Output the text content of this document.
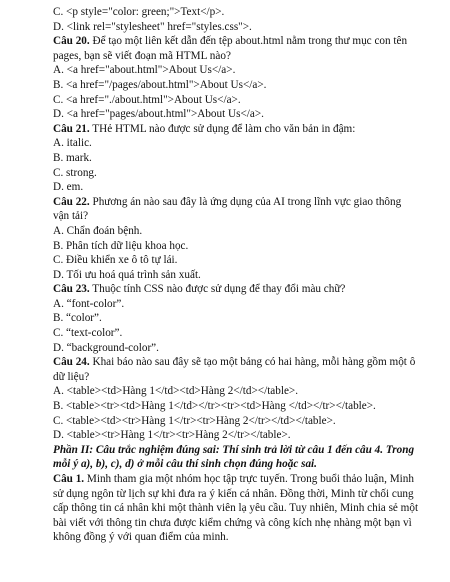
C. <p style="color: green;">Text</p>.
D. <link rel="stylesheet" href="styles.css">.
Câu 20. Để tạo một liên kết dẫn đến tệp about.html nằm trong thư mục con tên pages, bạn sẽ viết đoạn mã HTML nào?
A. <a href="about.html">About Us</a>.
B. <a href="/pages/about.html">About Us</a>.
C. <a href="./about.html">About Us</a>.
D. <a href="pages/about.html">About Us</a>.
Câu 21. THẻ HTML nào được sử dụng để làm cho văn bản in đậm:
A. italic.
B. mark.
C. strong.
D. em.
Câu 22. Phương án nào sau đây là ứng dụng của AI trong lĩnh vực giao thông vận tải?
A. Chẩn đoán bệnh.
B. Phân tích dữ liệu khoa học.
C. Điều khiển xe ô tô tự lái.
D. Tối ưu hoá quá trình sản xuất.
Câu 23. Thuộc tính CSS nào được sử dụng để thay đổi màu chữ?
A. “font-color”.
B. “color”.
C. “text-color”.
D. “background-color”.
Câu 24. Khai báo nào sau đây sẽ tạo một bảng có hai hàng, mỗi hàng gồm một ô dữ liệu?
A. <table><td>Hàng 1</td><td>Hàng 2</td></table>.
B. <table><tr><td>Hàng 1</td></tr><tr><td>Hàng </td></tr></table>.
C. <table><td><tr>Hàng 1</tr><tr>Hàng 2</tr></td></table>.
D. <table><tr>Hàng 1</tr><tr>Hàng 2</tr></table>.
Phần II: Câu trắc nghiệm đúng sai: Thí sinh trả lời từ câu 1 đến câu 4. Trong mỗi ý a), b), c), d) ở mỗi câu thí sinh chọn đúng hoặc sai.
Câu 1. Minh tham gia một nhóm học tập trực tuyến. Trong buổi thảo luận, Minh sử dụng ngôn từ lịch sự khi đưa ra ý kiến cá nhân. Đồng thời, Minh từ chối cung cấp thông tin cá nhân khi một thành viên lạ yêu cầu. Tuy nhiên, Minh chia sẻ một bài viết với thông tin chưa được kiểm chứng và công kích nhẹ nhàng một bạn vì không đồng ý với quan điểm của minh.
